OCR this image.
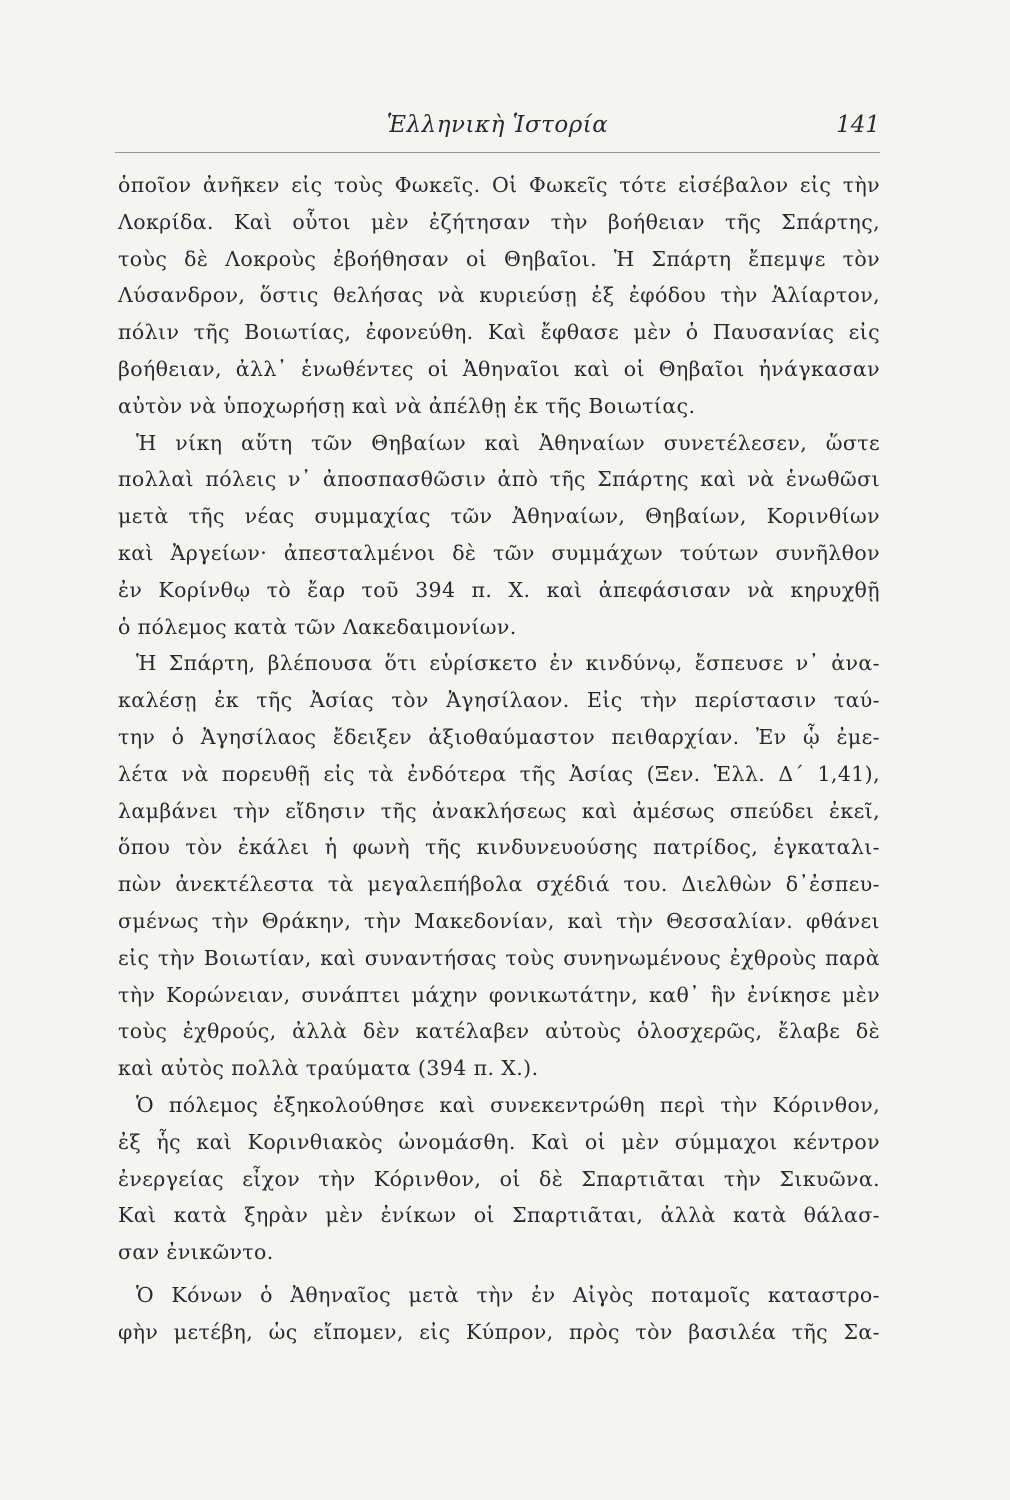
Ἑλληνικὴ Ἱστορία	141
ὁποῖον ἀνῆκεν εἰς τοὺς Φωκεῖς. Οἱ Φωκεῖς τότε εἰσέβαλον εἰς τὴν
Λοκρίδα. Καὶ οὗτοι μὲν ἐζήτησαν τὴν βοήθειαν τῆς Σπάρτης,
τοὺς δὲ Λοκροὺς ἐβοήθησαν οἱ Θηβαῖοι. Ἡ Σπάρτη ἔπεμψε τὸν
Λύσανδρον, ὅστις θελήσας νὰ κυριεύσῃ ἐξ ἐφόδου τὴν Ἁλίαρτον,
πόλιν τῆς Βοιωτίας, ἐφονεύθη. Καὶ ἔφθασε μὲν ὁ Παυσανίας εἰς
βοήθειαν, ἀλλ᾽ ἑνωθέντες οἱ Ἀθηναῖοι καὶ οἱ Θηβαῖοι ἠνάγκασαν
αὐτὸν νὰ ὑποχωρήσῃ καὶ νὰ ἀπέλθῃ ἐκ τῆς Βοιωτίας.
Ἡ νίκη αὕτη τῶν Θηβαίων καὶ Ἀθηναίων συνετέλεσεν, ὥστε
πολλαὶ πόλεις ν᾽ ἀποσπασθῶσιν ἀπὸ τῆς Σπάρτης καὶ νὰ ἑνωθῶσι
μετὰ τῆς νέας συμμαχίας τῶν Ἀθηναίων, Θηβαίων, Κορινθίων
καὶ Ἀργείων· ἀπεσταλμένοι δὲ τῶν συμμάχων τούτων συνῆλθον
ἐν Κορίνθῳ τὸ ἔαρ τοῦ 394 π. Χ. καὶ ἀπεφάσισαν νὰ κηρυχθῇ
ὁ πόλεμος κατὰ τῶν Λακεδαιμονίων.
Ἡ Σπάρτη, βλέπουσα ὅτι εὑρίσκετο ἐν κινδύνῳ, ἔσπευσε ν᾽ ἀνα-
καλέσῃ ἐκ τῆς Ἀσίας τὸν Ἀγησίλαον. Εἰς τὴν περίστασιν ταύ-
την ὁ Ἀγησίλαος ἔδειξεν ἀξιοθαύμαστον πειθαρχίαν. Ἐν ᾧ ἐμε-
λέτα νὰ πορευθῇ εἰς τὰ ἐνδότερα τῆς Ἀσίας (Ξεν. Ἑλλ. Δ΄ 1,41),
λαμβάνει τὴν εἴδησιν τῆς ἀνακλήσεως καὶ ἀμέσως σπεύδει ἐκεῖ,
ὅπου τὸν ἐκάλει ἡ φωνὴ τῆς κινδυνευούσης πατρίδος, ἐγκαταλι-
πὼν ἀνεκτέλεστα τὰ μεγαλεπήβολα σχέδιά του. Διελθὼν δ᾽ἐσπευ-
σμένως τὴν Θράκην, τὴν Μακεδονίαν, καὶ τὴν Θεσσαλίαν. φθάνει
εἰς τὴν Βοιωτίαν, καὶ συναντήσας τοὺς συνηνωμένους ἐχθροὺς παρὰ
τὴν Κορώνειαν, συνάπτει μάχην φονικωτάτην, καθ᾽ ἣν ἐνίκησε μὲν
τοὺς ἐχθρούς, ἀλλὰ δὲν κατέλαβεν αὐτοὺς ὁλοσχερῶς, ἔλαβε δὲ
καὶ αὐτὸς πολλὰ τραύματα (394 π. Χ.).
Ὁ πόλεμος ἐξηκολούθησε καὶ συνεκεντρώθη περὶ τὴν Κόρινθον,
ἐξ ἧς καὶ Κορινθιακὸς ὠνομάσθη. Καὶ οἱ μὲν σύμμαχοι κέντρον
ἐνεργείας εἶχον τὴν Κόρινθον, οἱ δὲ Σπαρτιᾶται τὴν Σικυῶνα.
Καὶ κατὰ ξηρὰν μὲν ἐνίκων οἱ Σπαρτιᾶται, ἀλλὰ κατὰ θάλασ-
σαν ἐνικῶντο.
Ὁ Κόνων ὁ Ἀθηναῖος μετὰ τὴν ἐν Αἰγὸς ποταμοῖς καταστρο-
φὴν μετέβη, ὡς εἴπομεν, εἰς Κύπρον, πρὸς τὸν βασιλέα τῆς Σα-
